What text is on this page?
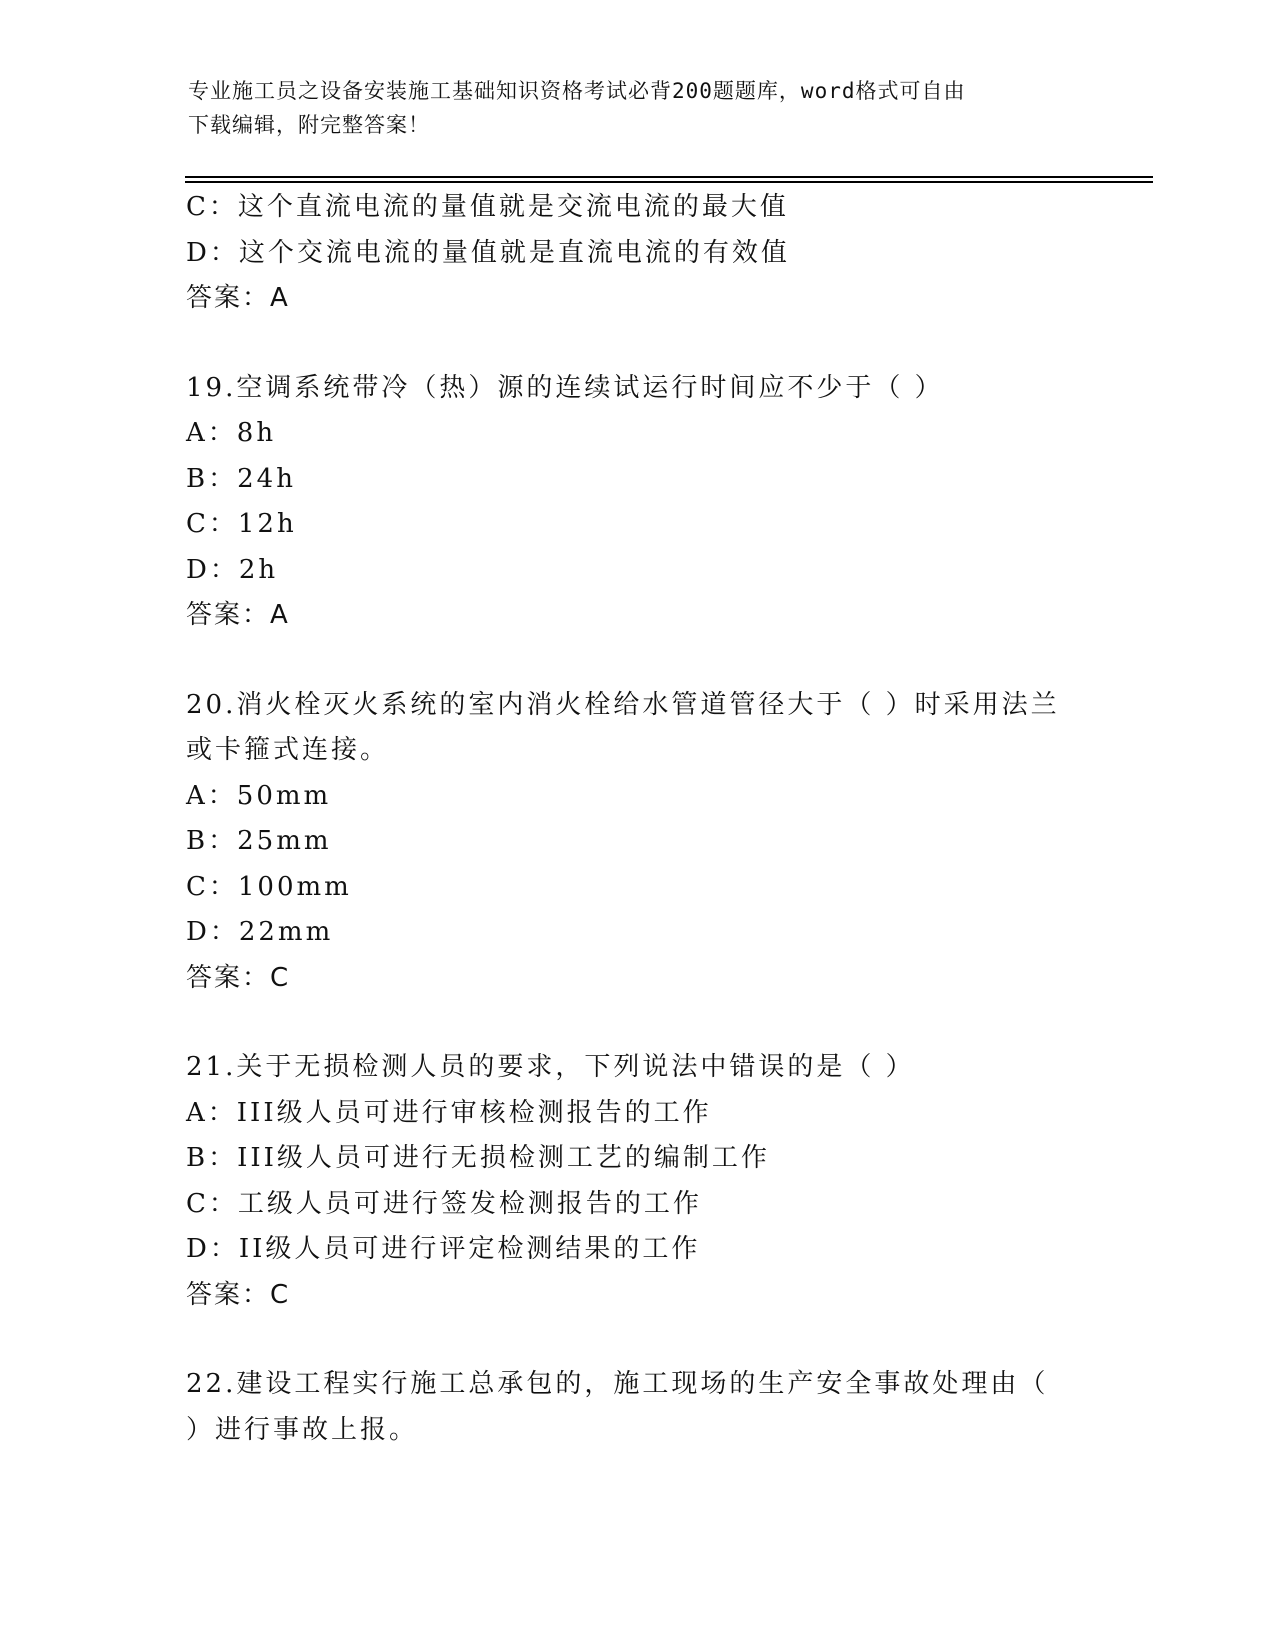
专业施工员之设备安装施工基础知识资格考试必背200题题库，word格式可自由
下载编辑，附完整答案！
C：这个直流电流的量值就是交流电流的最大值
D：这个交流电流的量值就是直流电流的有效值
答案：A
19.空调系统带冷（热）源的连续试运行时间应不少于（ ）
A：8h
B：24h
C：12h
D：2h
答案：A
20.消火栓灭火系统的室内消火栓给水管道管径大于（ ）时采用法兰
或卡箍式连接。
A：50mm
B：25mm
C：100mm
D：22mm
答案：C
21.关于无损检测人员的要求，下列说法中错误的是（ ）
A：III级人员可进行审核检测报告的工作
B：III级人员可进行无损检测工艺的编制工作
C：工级人员可进行签发检测报告的工作
D：II级人员可进行评定检测结果的工作
答案：C
22.建设工程实行施工总承包的，施工现场的生产安全事故处理由（
）进行事故上报。
